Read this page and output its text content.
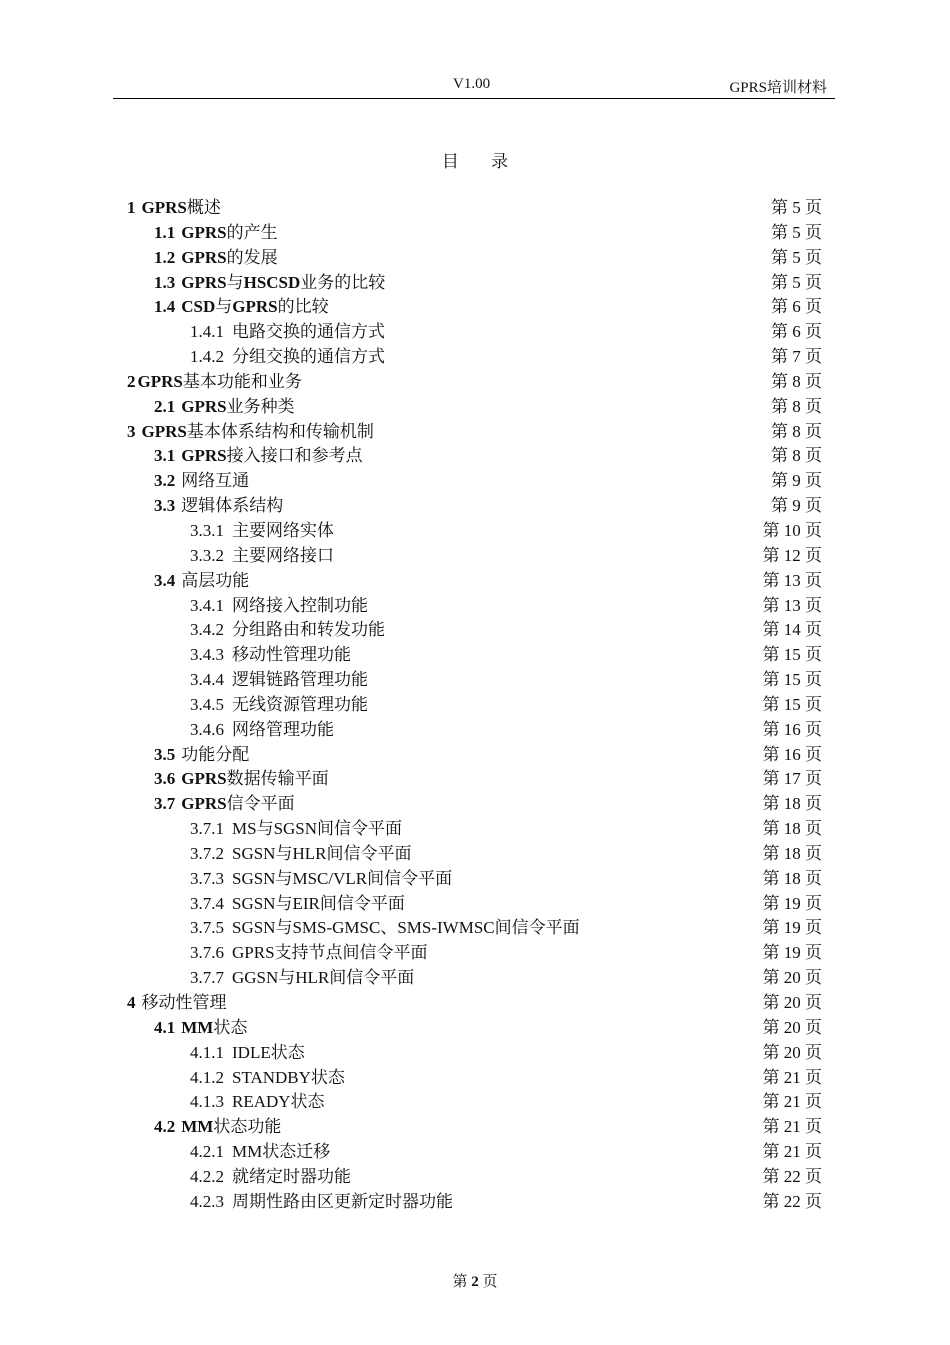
V1.00	GPRS培训材料
目 录
1 GPRS概述	第 5 页
1.1 GPRS的产生	第 5 页
1.2 GPRS的发展	第 5 页
1.3 GPRS与HSCSD业务的比较	第 5 页
1.4 CSD与GPRS的比较	第 6 页
1.4.1 电路交换的通信方式	第 6 页
1.4.2 分组交换的通信方式	第 7 页
2 GPRS基本功能和业务	第 8 页
2.1 GPRS业务种类	第 8 页
3 GPRS基本体系结构和传输机制	第 8 页
3.1 GPRS接入接口和参考点	第 8 页
3.2 网络互通	第 9 页
3.3 逻辑体系结构	第 9 页
3.3.1 主要网络实体	第 10 页
3.3.2 主要网络接口	第 12 页
3.4 高层功能	第 13 页
3.4.1 网络接入控制功能	第 13 页
3.4.2 分组路由和转发功能	第 14 页
3.4.3 移动性管理功能	第 15 页
3.4.4 逻辑链路管理功能	第 15 页
3.4.5 无线资源管理功能	第 15 页
3.4.6 网络管理功能	第 16 页
3.5 功能分配	第 16 页
3.6 GPRS数据传输平面	第 17 页
3.7 GPRS信令平面	第 18 页
3.7.1 MS与SGSN间信令平面	第 18 页
3.7.2 SGSN与HLR间信令平面	第 18 页
3.7.3 SGSN与MSC/VLR间信令平面	第 18 页
3.7.4 SGSN与EIR间信令平面	第 19 页
3.7.5 SGSN与SMS-GMSC、SMS-IWMSC间信令平面	第 19 页
3.7.6 GPRS支持节点间信令平面	第 19 页
3.7.7 GGSN与HLR间信令平面	第 20 页
4 移动性管理	第 20 页
4.1 MM状态	第 20 页
4.1.1 IDLE状态	第 20 页
4.1.2 STANDBY状态	第 21 页
4.1.3 READY状态	第 21 页
4.2 MM状态功能	第 21 页
4.2.1 MM状态迁移	第 21 页
4.2.2 就绪定时器功能	第 22 页
4.2.3 周期性路由区更新定时器功能	第 22 页
第 2 页
